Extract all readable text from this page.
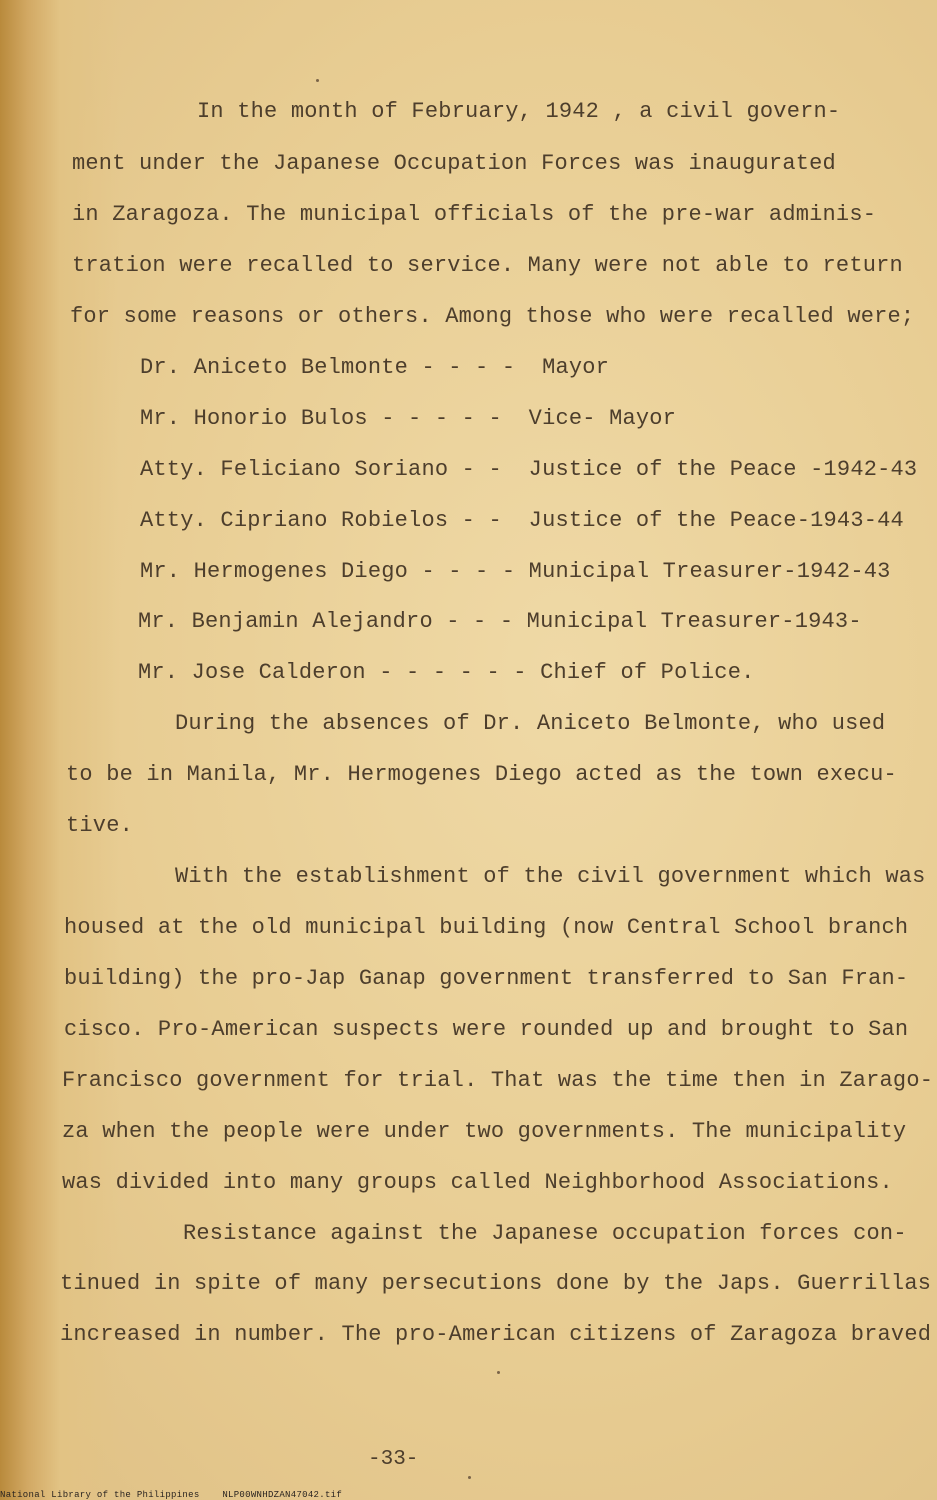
In the month of February, 1942 , a civil govern-
ment under the Japanese Occupation Forces was inaugurated
in Zaragoza. The municipal officials of the pre-war adminis-
tration were recalled to service. Many were not able to return
for some reasons or others. Among those who were recalled were;
Dr. Aniceto Belmonte - - - -  Mayor
Mr. Honorio Bulos - - - - -  Vice- Mayor
Atty. Feliciano Soriano - -  Justice of the Peace -1942-43
Atty. Cipriano Robielos - -  Justice of the Peace-1943-44
Mr. Hermogenes Diego - - - - Municipal Treasurer-1942-43
Mr. Benjamin Alejandro - - - Municipal Treasurer-1943-
Mr. Jose Calderon - - - - - - Chief of Police.
During the absences of Dr. Aniceto Belmonte, who used
to be in Manila, Mr. Hermogenes Diego acted as the town execu-
tive.
With the establishment of the civil government which was
housed at the old municipal building (now Central School branch
building) the pro-Jap Ganap government transferred to San Fran-
cisco. Pro-American suspects were rounded up and brought to San
Francisco government for trial. That was the time then in Zarago-
za when the people were under two governments. The municipality
was divided into many groups called Neighborhood Associations.
Resistance against the Japanese occupation forces con-
tinued in spite of many persecutions done by the Japs. Guerrillas
increased in number. The pro-American citizens of Zaragoza braved
-33-
National Library of the Philippines    NLP00WNHDZAN47042.tif
